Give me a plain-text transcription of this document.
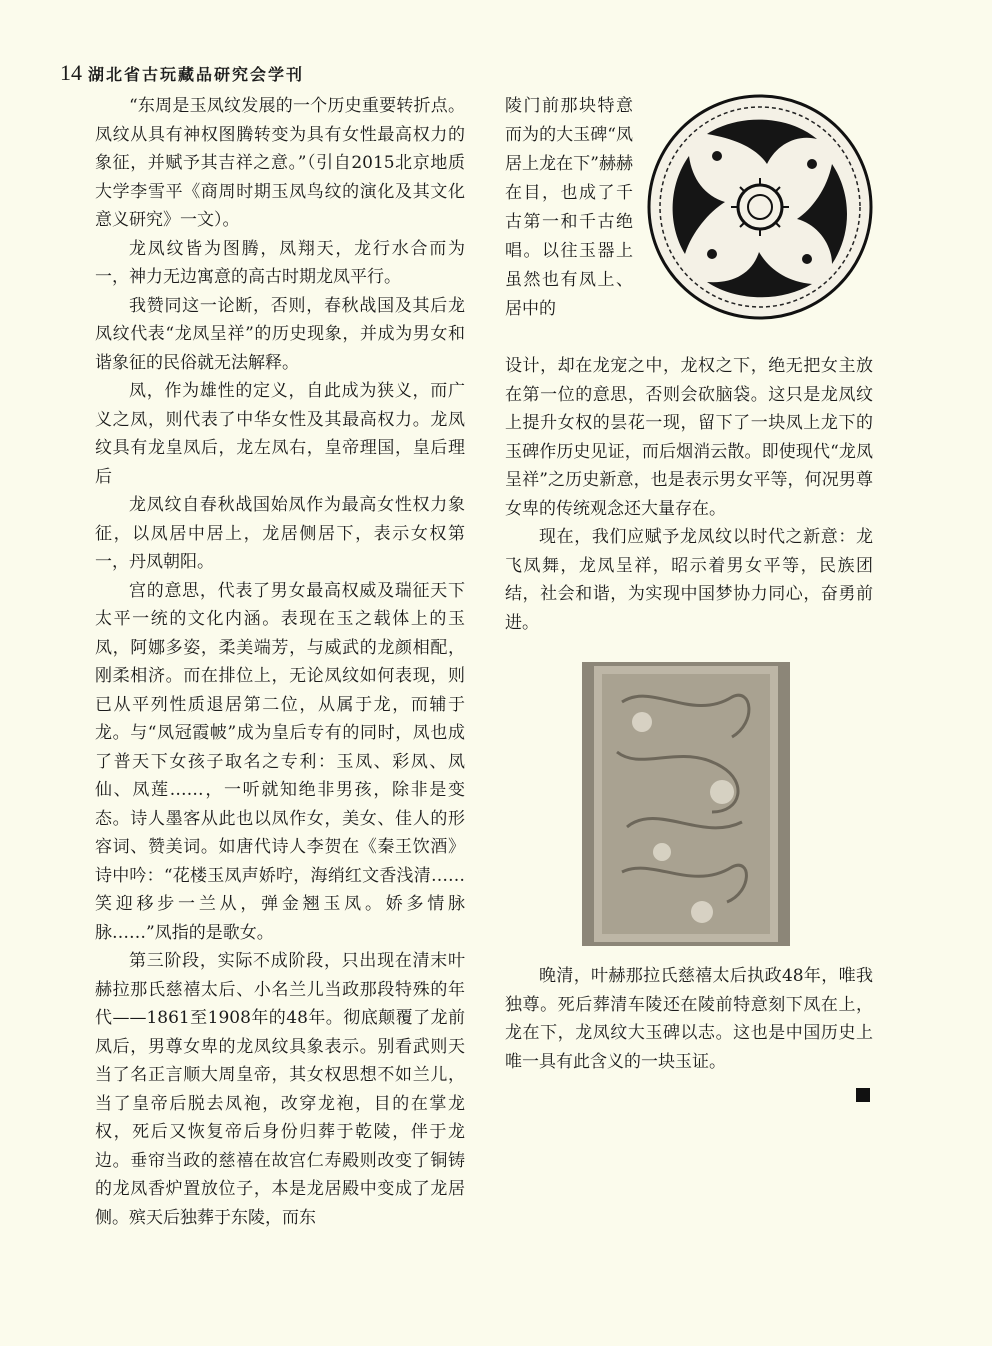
14 湖北省古玩藏品研究会学刊

“东周是玉凤纹发展的一个历史重要转折点。凤纹从具有神权图腾转变为具有女性最高权力的象征，并赋予其吉祥之意。”（引自2015北京地质大学李雪平《商周时期玉凤鸟纹的演化及其文化意义研究》一文）。

龙凤纹皆为图腾，凤翔天，龙行水合而为一，神力无边寓意的高古时期龙凤平行。

我赞同这一论断，否则，春秋战国及其后龙凤纹代表“龙凤呈祥”的历史现象，并成为男女和谐象征的民俗就无法解释。

凤，作为雄性的定义，自此成为狭义，而广义之凤，则代表了中华女性及其最高权力。龙凤纹具有龙皇凤后，龙左凤右，皇帝理国，皇后理后

龙凤纹自春秋战国始凤作为最高女性权力象征，以凤居中居上，龙居侧居下，表示女权第一，丹凤朝阳。

宫的意思，代表了男女最高权威及瑞征天下太平一统的文化内涵。表现在玉之载体上的玉凤，阿娜多姿，柔美端芳，与威武的龙颜相配，刚柔相济。而在排位上，无论凤纹如何表现，则已从平列性质退居第二位，从属于龙，而辅于龙。与“凤冠霞帔”成为皇后专有的同时，凤也成了普天下女孩子取名之专利：玉凤、彩凤、凤仙、凤莲……，一听就知绝非男孩，除非是变态。诗人墨客从此也以凤作女，美女、佳人的形容词、赞美词。如唐代诗人李贺在《秦王饮酒》诗中吟：“花楼玉凤声娇咛，海绡红文香浅清……笑迎移步一兰从，弹金翘玉凤。娇多情脉脉……”凤指的是歌女。

第三阶段，实际不成阶段，只出现在清末叶赫拉那氏慈禧太后、小名兰儿当政那段特殊的年代——1861至1908年的48年。彻底颠覆了龙前凤后，男尊女卑的龙凤纹具象表示。别看武则天当了名正言顺大周皇帝，其女权思想不如兰儿，当了皇帝后脱去凤袍，改穿龙袍，目的在掌龙权，死后又恢复帝后身份归葬于乾陵，伴于龙边。垂帘当政的慈禧在故宫仁寿殿则改变了铜铸的龙凤香炉置放位子，本是龙居殿中变成了龙居侧。殡天后独葬于东陵，而东

陵门前那块特意而为的大玉碑“凤居上龙在下”赫赫在目，也成了千古第一和千古绝唱。以往玉器上虽然也有凤上、居中的

设计，却在龙宠之中，龙权之下，绝无把女主放在第一位的意思，否则会砍脑袋。这只是龙凤纹上提升女权的昙花一现，留下了一块凤上龙下的玉碑作历史见证，而后烟消云散。即使现代“龙凤呈祥”之历史新意，也是表示男女平等，何况男尊女卑的传统观念还大量存在。

现在，我们应赋予龙凤纹以时代之新意：龙飞凤舞，龙凤呈祥，昭示着男女平等，民族团结，社会和谐，为实现中国梦协力同心，奋勇前进。

晚清，叶赫那拉氏慈禧太后执政48年，唯我独尊。死后葬清车陵还在陵前特意刻下凤在上，龙在下，龙凤纹大玉碑以志。这也是中国历史上唯一具有此含义的一块玉证。
